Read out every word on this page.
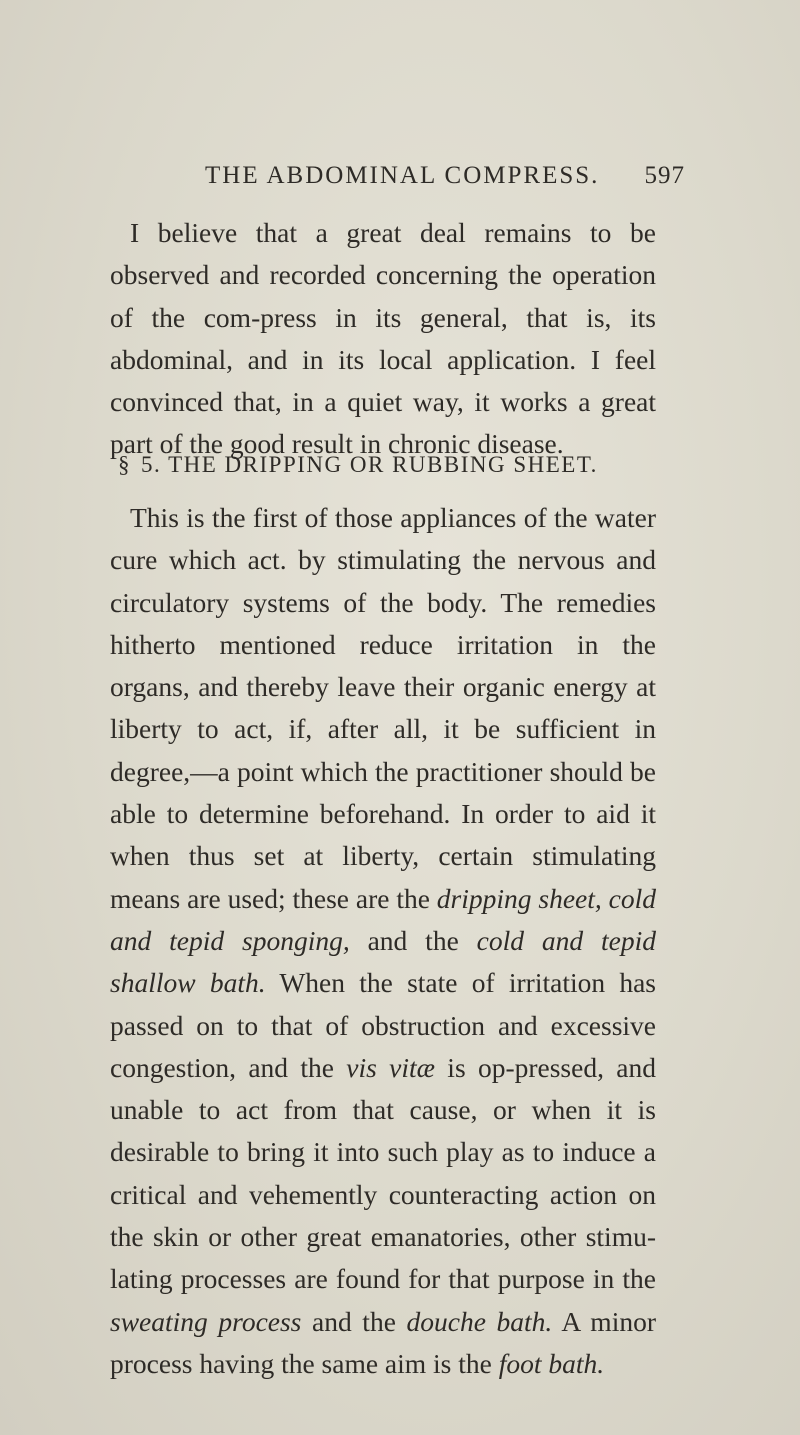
THE ABDOMINAL COMPRESS. 597

I believe that a great deal remains to be observed and recorded concerning the operation of the com-press in its general, that is, its abdominal, and in its local application. I feel convinced that, in a quiet way, it works a great part of the good result in chronic disease.

§ 5. THE DRIPPING OR RUBBING SHEET.

This is the first of those appliances of the water cure which act. by stimulating the nervous and circulatory systems of the body. The remedies hitherto mentioned reduce irritation in the organs, and thereby leave their organic energy at liberty to act, if, after all, it be sufficient in degree,—a point which the practitioner should be able to determine beforehand. In order to aid it when thus set at liberty, certain stimulating means are used; these are the dripping sheet, cold and tepid sponging, and the cold and tepid shallow bath. When the state of irritation has passed on to that of obstruction and excessive congestion, and the vis vitæ is op-pressed, and unable to act from that cause, or when it is desirable to bring it into such play as to induce a critical and vehemently counteracting action on the skin or other great emanatories, other stimu-lating processes are found for that purpose in the sweating process and the douche bath. A minor process having the same aim is the foot bath.
